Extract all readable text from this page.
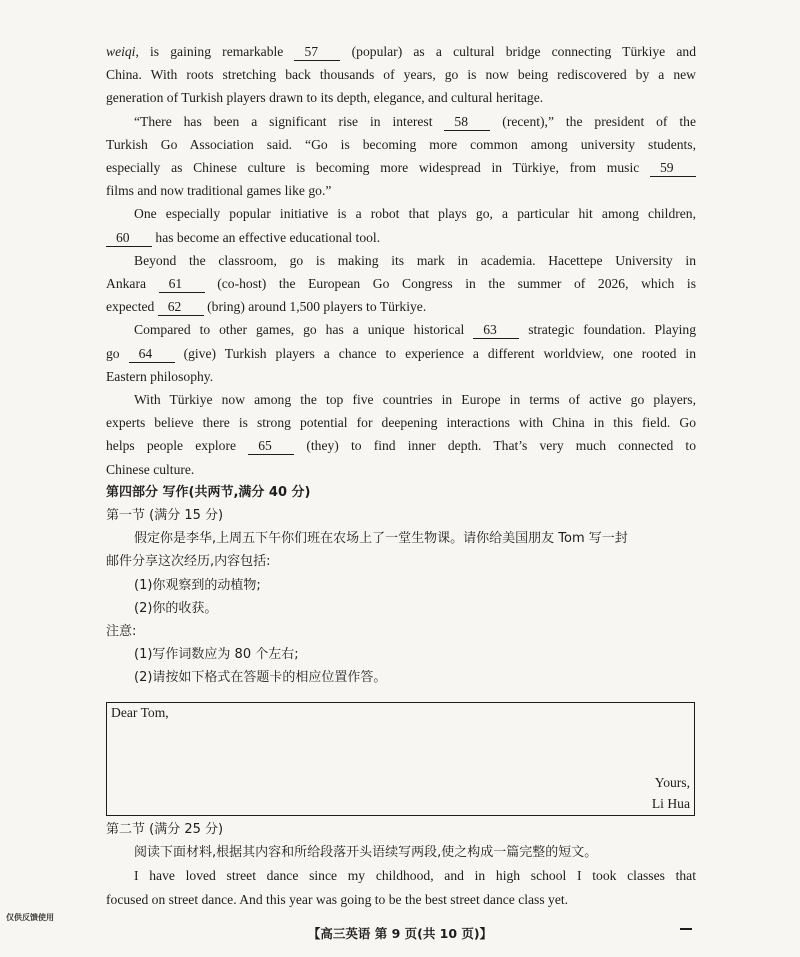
weiqi, is gaining remarkable 57 (popular) as a cultural bridge connecting Türkiye and
China. With roots stretching back thousands of years, go is now being rediscovered by a new
generation of Turkish players drawn to its depth, elegance, and cultural heritage.
“There has been a significant rise in interest 58	(recent),” the president of the
Turkish Go Association said. “Go is becoming more common among university students,
especially as Chinese culture is becoming more widespread in Türkiye, from music 59
films and now traditional games like go.”
One especially popular initiative is a robot that plays go, a particular hit among children,
60 has become an effective educational tool.
Beyond the classroom, go is making its mark in academia. Hacettepe University in
Ankara 61	(co-host) the European Go Congress in the summer of 2026, which is
expected 62 (bring) around 1,500 players to Türkiye.
Compared to other games, go has a unique historical 63 strategic foundation. Playing
go 64 (give) Turkish players a chance to experience a different worldview, one rooted in
Eastern philosophy.
With Türkiye now among the top five countries in Europe in terms of active go players,
experts believe there is strong potential for deepening interactions with China in this field. Go
helps people explore 65	(they) to find inner depth. That’s very much connected to
Chinese culture.
第四部分 写作(共两节,满分 40 分)
第一节 (满分 15 分)
假定你是李华,上周五下午你们班在农场上了一堂生物课。请你给美国朋友 Tom 写一封
邮件分享这次经历,内容包括:
(1)你观察到的动植物;
(2)你的收获。
注意:
(1)写作词数应为 80 个左右;
(2)请按如下格式在答题卡的相应位置作答。
Dear Tom,
Yours,
Li Hua
第二节 (满分 25 分)
阅读下面材料,根据其内容和所给段落开头语续写两段,使之构成一篇完整的短文。
I have loved street dance since my childhood, and in high school I took classes that
focused on street dance. And this year was going to be the best street dance class yet.
仅供反馈使用
【高三英语 第 9 页(共 10 页)】
